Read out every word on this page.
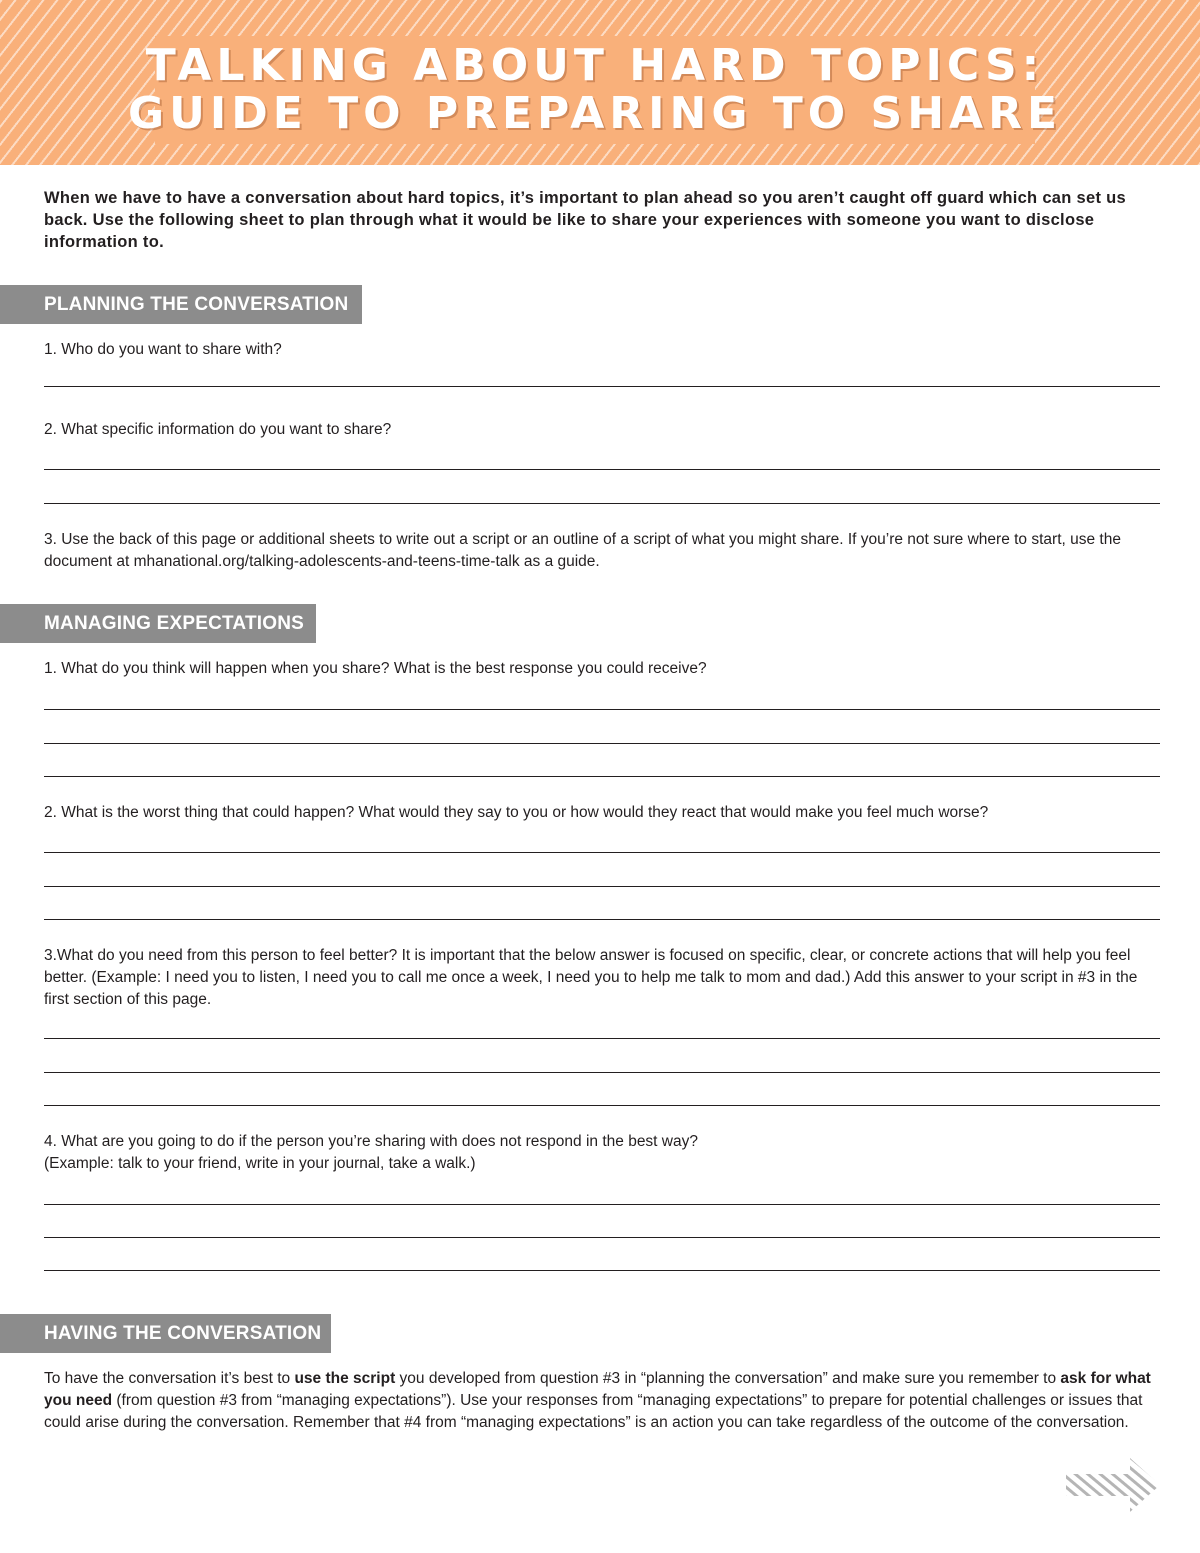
TALKING ABOUT HARD TOPICS:
GUIDE TO PREPARING TO SHARE
When we have to have a conversation about hard topics, it’s important to plan ahead so you aren’t caught off guard which can set us back. Use the following sheet to plan through what it would be like to share your experiences with someone you want to disclose information to.
PLANNING THE CONVERSATION
1. Who do you want to share with?
2. What specific information do you want to share?
3. Use the back of this page or additional sheets to write out a script or an outline of a script of what you might share. If you’re not sure where to start, use the document at mhanational.org/talking-adolescents-and-teens-time-talk as a guide.
MANAGING EXPECTATIONS
1. What do you think will happen when you share? What is the best response you could receive?
2. What is the worst thing that could happen? What would they say to you or how would they react that would make you feel much worse?
3.What do you need from this person to feel better? It is important that the below answer is focused on specific, clear, or concrete actions that will help you feel better. (Example: I need you to listen, I need you to call me once a week, I need you to help me talk to mom and dad.) Add this answer to your script in #3 in the first section of this page.
4. What are you going to do if the person you’re sharing with does not respond in the best way?
(Example: talk to your friend, write in your journal, take a walk.)
HAVING THE CONVERSATION
To have the conversation it’s best to use the script you developed from question #3 in “planning the conversation” and make sure you remember to ask for what you need (from question #3 from “managing expectations”). Use your responses from “managing expectations” to prepare for potential challenges or issues that could arise during the conversation. Remember that #4 from “managing expectations” is an action you can take regardless of the outcome of the conversation.
